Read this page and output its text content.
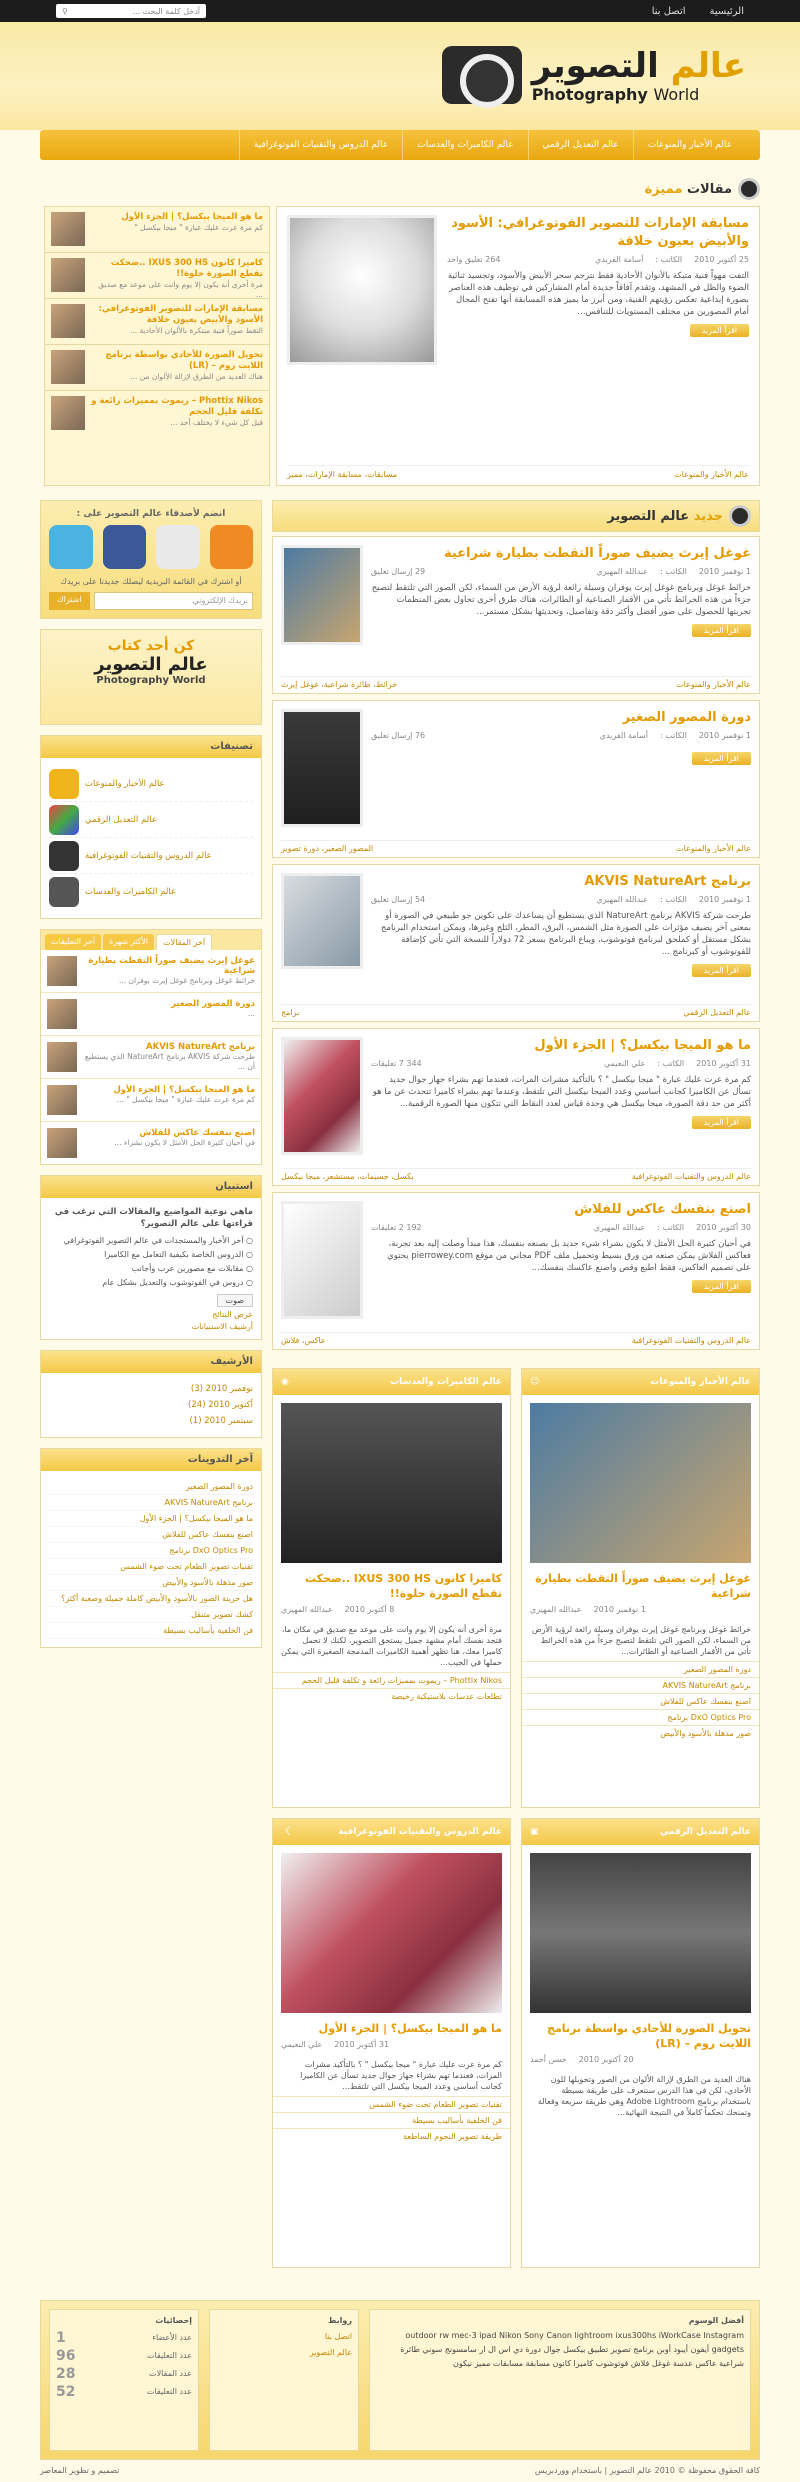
الرئيسية
اتصل بنا
أدخل كلمة البحث ...
⚲
عالم التصوير
Photography World
عالم الأخبار والمنوعات
عالم التعديل الرقمي
عالم الكاميرات والعدسات
عالم الدروس والتقنيات الفوتوغرافية
مقالات مميزة
مسابقة الإمارات للتصوير الفوتوغرافي: الأسود والأبيض بعيون خلاقة
25 أكتوبر 2010
الكاتب :
أسامة الفريدي
264 تعليق واحد
التفت مهواً فنية متبكة بالأنوان الأحادية فقط نترجم سحر الأبيض والأسود، وتجسيد ثنائية الضوء والظل في المشهد، وتقدم آفاقاً جديدة أمام المشاركين في توظيف هذه العناصر بصورة إبداعية تعكس رؤيتهم الفنية، ومن أبرز ما يميز هذه المسابقة أنها تفتح المجال أمام المصورين من مختلف المستويات للتنافس...
اقرأ المزيد
عالم الأخبار والمنوعات
مسابقات، مسابقة الإمارات، مميز
ما هو الميجا بيكسل؟ | الجزء الأول
كم مرة عرت عليك عبارة " ميجا بيكسل "
كاميرا كانون IXUS 300 HS ..ضحكت تقطع الصورة حلوة!!
مرة أخرى أنه يكون إلا يوم وانت على موعد مع صديق ...
مسابقة الإمارات للتصوير الفوتوغرافي: الأسود والأبيض بعيون خلاقة
التقط صوراً فنية مبتكرة بالألوان الأحادية ...
تحويل الصورة للأحادي بواسطة برنامج اللايت روم – (LR)
هناك العديد من الطرق لإزالة الألوان من ...
Phottix Nikos – ريموت بمميزات رائعة و تكلفة قليل الحجم
قبل كل شيء لا يختلف أحد ...
جديد عالم التصوير
غوغل إيرث يضيف صوراً التقطت بطيارة شراعية
1 نوفمبر 2010
الكاتب :
عبدالله المهيري
29 إرسال تعليق
خرائط غوغل وبرنامج غوغل إيرث يوفران وسيلة رائعة لرؤية الأرض من السماء، لكن الصور التي تلتقط لتصبح جزءاً من هذه الخرائط تأتي من الأقمار الصناعية أو الطائرات، هناك طرق أخرى تحاول بعض المنظمات تجربتها للحصول على صور أفضل وأكثر دقة وتفاصيل، وتحديثها بشكل مستمر...
اقرأ المزيد
عالم الأخبار والمنوعات
خرائط، طائرة شراعية، غوغل إيرث
دورة المصور الصغير
1 نوفمبر 2010
الكاتب :
أسامة الفريدي
76 إرسال تعليق
اقرأ المزيد
عالم الأخبار والمنوعات
المصور الصغير، دورة تصوير
برنامج AKVIS NatureArt
1 نوفمبر 2010
الكاتب :
عبدالله المهيري
54 إرسال تعليق
طرحت شركة AKVIS برنامج NatureArt الذي يستطيع أن يساعدك على تكوين جو طبيعي في الصورة أو بمعنى آخر يضيف مؤثرات على الصورة مثل الشمس، البرق، المطر، الثلج وغيرها، ويمكن استخدام البرنامج بشكل مستقل أو كملحق لبرنامج فوتوشوب، ويباع البرنامج بسعر 72 دولاراً للنسخة التي تأتي كإضافة للفوتوشوب أو كبرنامج ...
اقرأ المزيد
عالم التعديل الرقمي
برامج
ما هو الميجا بيكسل؟ | الجزء الأول
31 أكتوبر 2010
الكاتب :
علي النعيمي
344 7 تعليقات
كم مرة عرت عليك عبارة " ميجا بيكسل " ؟ بالتأكيد مشرات المرات، فعندما تهم بشراء جهاز جوال جديد تسأل عن الكاميرا كجانب أساسي وعدد الميجا بيكسل التي تلتقط، وعندما تهم بشراء كاميرا تتحدث عن ما هو أكثر من حد دقة الصورة، ميجا بيكسل هي وحدة قياس لعدد النقاط التي تتكون منها الصورة الرقمية...
اقرأ المزيد
عالم الدروس والتقنيات الفوتوغرافية
بكسل، جسيمات، مستشعر، ميجا بيكسل
اصنع بنفسك عاكس للفلاش
30 أكتوبر 2010
الكاتب :
عبدالله المهيري
192 2 تعليقات
في أحيان كثيرة الحل الأمثل لا يكون بشراء شيء جديد بل بصنعه بنفسك، هذا مبدأ وصلت إليه بعد تجربة، فعاكس الفلاش يمكن صنعه من ورق بسيط وتحميل ملف PDF مجاني من موقع pierrowey.com يحتوي على تصميم العاكس، فقط اطبع وقص واصنع عاكسك بنفسك...
اقرأ المزيد
عالم الدروس والتقنيات الفوتوغرافية
عاكس، فلاش
انضم لأصدقاء عالم التصوير على :
أو اشترك في القائمة البريدية ليصلك جديدنا على بريدك
بريدك الإلكتروني
اشتراك
كن أحد كتاب
عالم التصوير
Photography World
تصنيفات
عالم الأخبار والمنوعات
عالم التعديل الرقمي
عالم الدروس والتقنيات الفوتوغرافية
عالم الكاميرات والعدسات
آخر المقالات
الأكثر شهرة
آخر التعليقات
غوغل إيرث يضيف صوراً التقطت بطيارة شراعية
خرائط غوغل وبرنامج غوغل إيرث يوفران ...
دورة المصور الصغير
...
برنامج AKVIS NatureArt
طرحت شركة AKVIS برنامج NatureArt الذي يستطيع أن ...
ما هو الميجا بيكسل؟ | الجزء الأول
كم مرة عرت عليك عبارة " ميجا بيكسل " ...
اصنع بنفسك عاكس للفلاش
في أحيان كثيرة الحل الأمثل لا يكون بشراء ...
استبيان
ماهي نوعية المواضيع والمقالات التي ترغب في قراءتها على عالم التصوير؟
○ آخر الأخبار والمستجدات في عالم التصوير الفوتوغرافي
○ الدروس الخاصة بكيفية التعامل مع الكاميرا
○ مقابلات مع مصورين عرب وأجانب
○ دروس في الفوتوشوب والتعديل بشكل عام
صوت
عرض النتائج
أرشيف الاستبيانات
الأرشيف
نوفمبر 2010 (3)
أكتوبر 2010 (24)
سبتمبر 2010 (1)
آخر التدوينات
دورة المصور الصغير
برنامج AKVIS NatureArt
ما هو الميجا بيكسل؟ | الجزء الأول
اصنع بنفسك عاكس للفلاش
DxO Optics Pro برنامج
تقنيات تصوير الطعام تحت ضوء الشمس
صور مذهلة بالأسود والأبيض
هل حزينة الصور بالأسود والأبيض كاملة جميلة وصعبة أكثر؟
كشك تصوير متنقل
فن الخلفية بأساليب بسيطة
عالم الأخبار والمنوعات
☺
غوغل إيرث يضيف صوراً التقطت بطيارة شراعية
1 نوفمبر 2010
عبدالله المهيري
خرائط غوغل وبرنامج غوغل إيرث يوفران وسيلة رائعة لرؤية الأرض من السماء، لكن الصور التي تلتقط لتصبح جزءاً من هذه الخرائط تأتي من الأقمار الصناعية أو الطائرات...
دورة المصور الصغير
برنامج AKVIS NatureArt
اصنع بنفسك عاكس للفلاش
DxO Optics Pro برنامج
صور مذهلة بالأسود والأبيض
عالم الكاميرات والعدسات
◉
كاميرا كانون IXUS 300 HS ..ضحكت تقطع الصورة حلوة!!
8 أكتوبر 2010
عبدالله المهيري
مرة أخرى أنه يكون إلا يوم وانت على موعد مع صديق في مكان ما، فتجد نفسك أمام مشهد جميل يستحق التصوير، لكنك لا تحمل كاميرا معك، هنا تظهر أهمية الكاميرات المدمجة الصغيرة التي يمكن حملها في الجيب...
Phottix Nikos – ريموت بمميزات رائعة و تكلفة قليل الحجم
تطلعات عدسات بلاستيكية رخيصة
عالم التعديل الرقمي
▣
تحويل الصورة للأحادي بواسطة برنامج اللايت روم – (LR)
20 أكتوبر 2010
حسن أحمد
هناك العديد من الطرق لإزالة الألوان من الصور وتحويلها للون الأحادي، لكن في هذا الدرس سنتعرف على طريقة بسيطة باستخدام برنامج Adobe Lightroom وهي طريقة سريعة وفعالة وتمنحك تحكماً كاملاً في النتيجة النهائية...
عالم الدروس والتقنيات الفوتوغرافية
〉
ما هو الميجا بيكسل؟ | الجزء الأول
31 أكتوبر 2010
علي النعيمي
كم مرة عرت عليك عبارة " ميجا بيكسل " ؟ بالتأكيد مشرات المرات، فعندما تهم بشراء جهاز جوال جديد تسأل عن الكاميرا كجانب أساسي وعدد الميجا بيكسل التي تلتقط...
تقنيات تصوير الطعام تحت ضوء الشمس
فن الخلفية بأساليب بسيطة
طريقة تصوير النجوم الساطعة
أفضل الوسوم
outdoor rw mec-3 ipad Nikon Sony Canon lightroom ixus300hs iWorkCase Instagram gadgets أيفون أيبود أوبن برنامج تصوير تطبيق بيكسل جوال دورة دي اس ال ار سامسونج سوني طائرة شراعية عاكس عدسة غوغل فلاش فوتوشوب كاميرا كانون مسابقة مسابقات مميز نيكون
روابط
اتصل بنا
عالم التصوير
إحصائيات
عدد الأعضاء
1
عدد التعليقات
96
عدد المقالات
28
عدد التعليقات
52
كافة الحقوق محفوظة © 2010 عالم التصوير | باستخدام ووردبريس
تصميم و تطوير المعاصر
